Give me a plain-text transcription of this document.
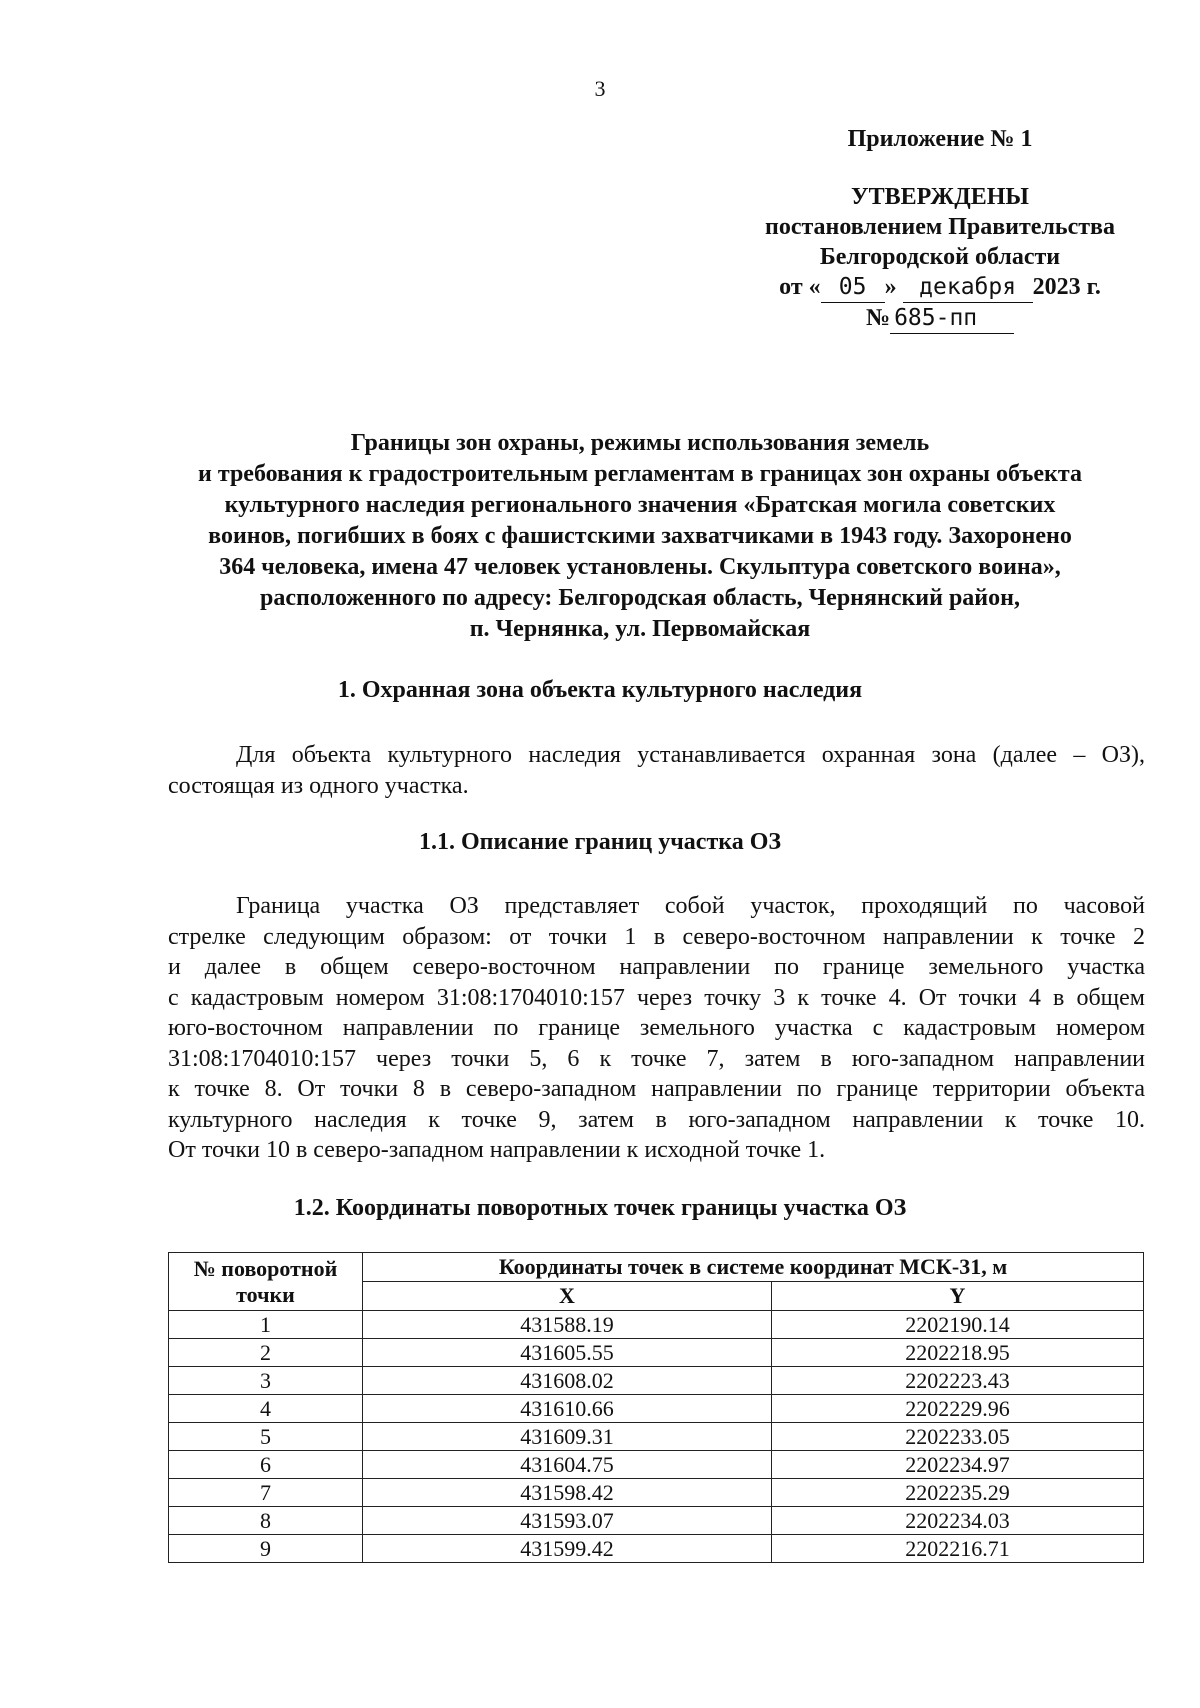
3
Приложение № 1
УТВЕРЖДЕНЫ
постановлением Правительства
Белгородской области
от « 05 » декабря 2023 г.
№ 685-пп
Границы зон охраны, режимы использования земель
и требования к градостроительным регламентам в границах зон охраны объекта
культурного наследия регионального значения «Братская могила советских
воинов, погибших в боях с фашистскими захватчиками в 1943 году. Захоронено
364 человека, имена 47 человек установлены. Скульптура советского воина»,
расположенного по адресу: Белгородская область, Чернянский район,
п. Чернянка, ул. Первомайская
1. Охранная зона объекта культурного наследия
Для объекта культурного наследия устанавливается охранная зона (далее – ОЗ),
состоящая из одного участка.
1.1. Описание границ участка ОЗ
Граница участка ОЗ представляет собой участок, проходящий по часовой
стрелке следующим образом: от точки 1 в северо-восточном направлении к точке 2
и далее в общем северо-восточном направлении по границе земельного участка
с кадастровым номером 31:08:1704010:157 через точку 3 к точке 4. От точки 4 в общем
юго-восточном направлении по границе земельного участка с кадастровым номером
31:08:1704010:157 через точки 5, 6 к точке 7, затем в юго-западном направлении
к точке 8. От точки 8 в северо-западном направлении по границе территории объекта
культурного наследия к точке 9, затем в юго-западном направлении к точке 10.
От точки 10 в северо-западном направлении к исходной точке 1.
1.2. Координаты поворотных точек границы участка ОЗ
№ поворотной точки	Координаты точек в системе координат МСК-31, м	
	X	Y
1	431588.19	2202190.14
2	431605.55	2202218.95
3	431608.02	2202223.43
4	431610.66	2202229.96
5	431609.31	2202233.05
6	431604.75	2202234.97
7	431598.42	2202235.29
8	431593.07	2202234.03
9	431599.42	2202216.71
